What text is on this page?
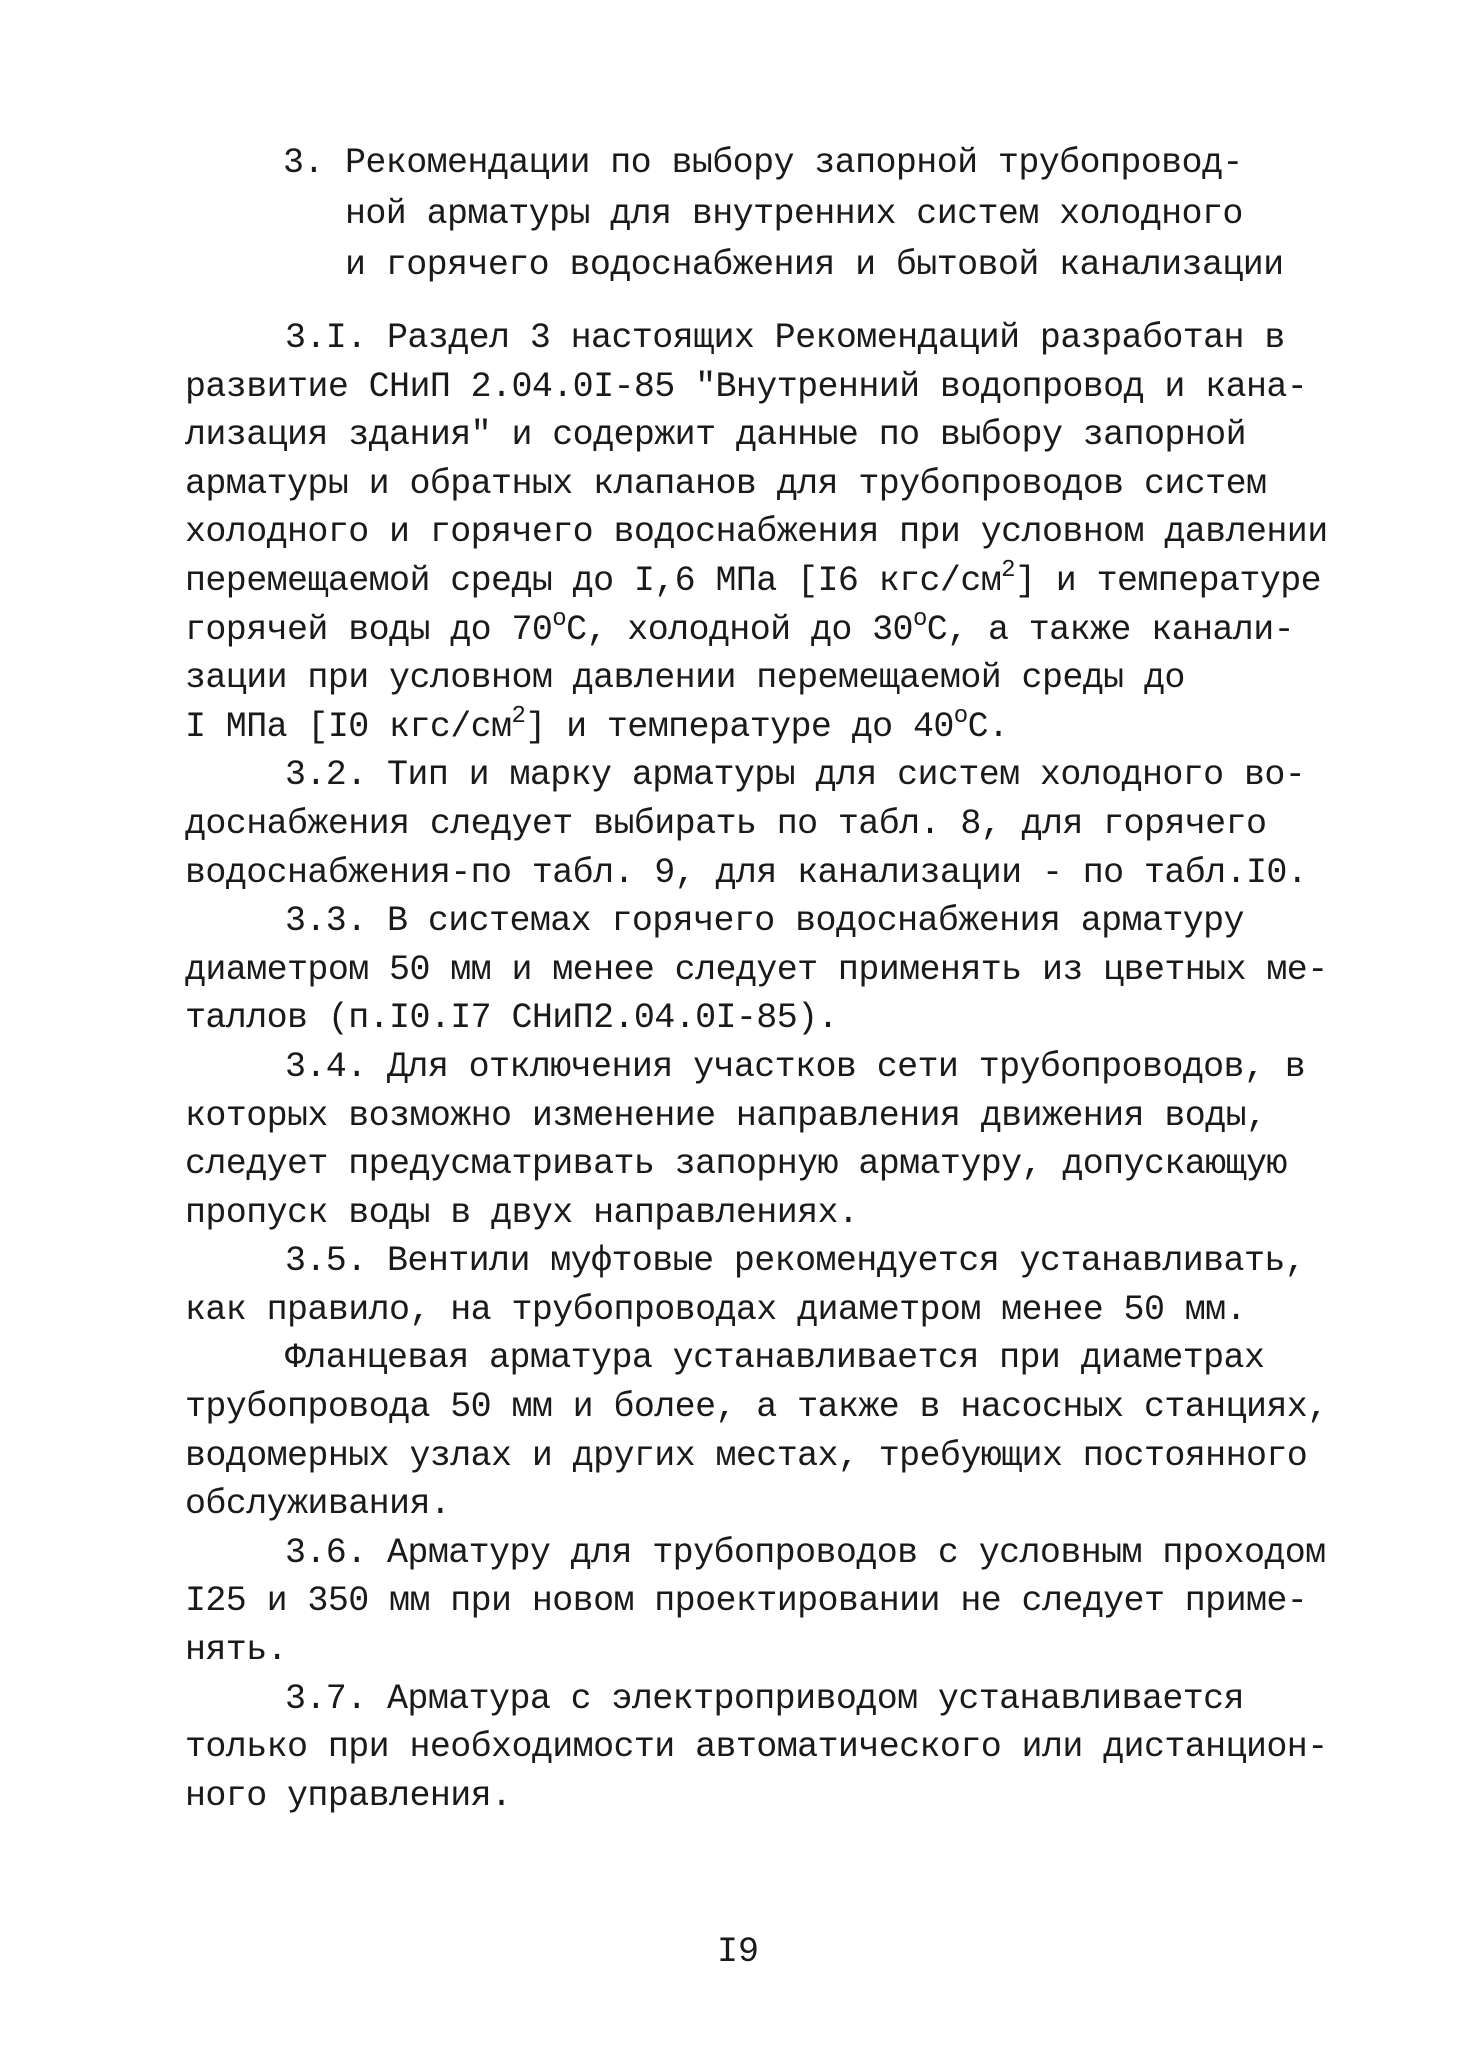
3. Рекомендации по выбору запорной трубопровод-
ной арматуры для внутренних систем холодного
и горячего водоснабжения и бытовой канализации
3.I. Раздел 3 настоящих Рекомендаций разработан в
развитие СНиП 2.04.0I-85 "Внутренний водопровод и кана-
лизация здания" и содержит данные по выбору запорной
арматуры и обратных клапанов для трубопроводов систем
холодного и горячего водоснабжения при условном давлении
перемещаемой среды до I,6 МПа [I6 кгс/$см^2$] и температуре
горячей воды до 70$^o$С, холодной до 30$^o$С, а также канали-
зации при условном давлении перемещаемой среды до
I МПа [I0 кгс/$см^2$] и температуре до 40$^o$С.
3.2. Тип и марку арматуры для систем холодного во-
доснабжения следует выбирать по табл. 8, для горячего
водоснабжения-по табл. 9, для канализации - по табл.I0.
3.3. В системах горячего водоснабжения арматуру
диаметром 50 мм и менее следует применять из цветных ме-
таллов (п.I0.I7 СНиП2.04.0I-85).
3.4. Для отключения участков сети трубопроводов, в
которых возможно изменение направления движения воды,
следует предусматривать запорную арматуру, допускающую
пропуск воды в двух направлениях.
3.5. Вентили муфтовые рекомендуется устанавливать,
как правило, на трубопроводах диаметром менее 50 мм.
Фланцевая арматура устанавливается при диаметрах
трубопровода 50 мм и более, а также в насосных станциях,
водомерных узлах и других местах, требующих постоянного
обслуживания.
3.6. Арматуру для трубопроводов с условным проходом
I25 и 350 мм при новом проектировании не следует приме-
нять.
3.7. Арматура с электроприводом устанавливается
только при необходимости автоматического или дистанцион-
ного управления.
I9
